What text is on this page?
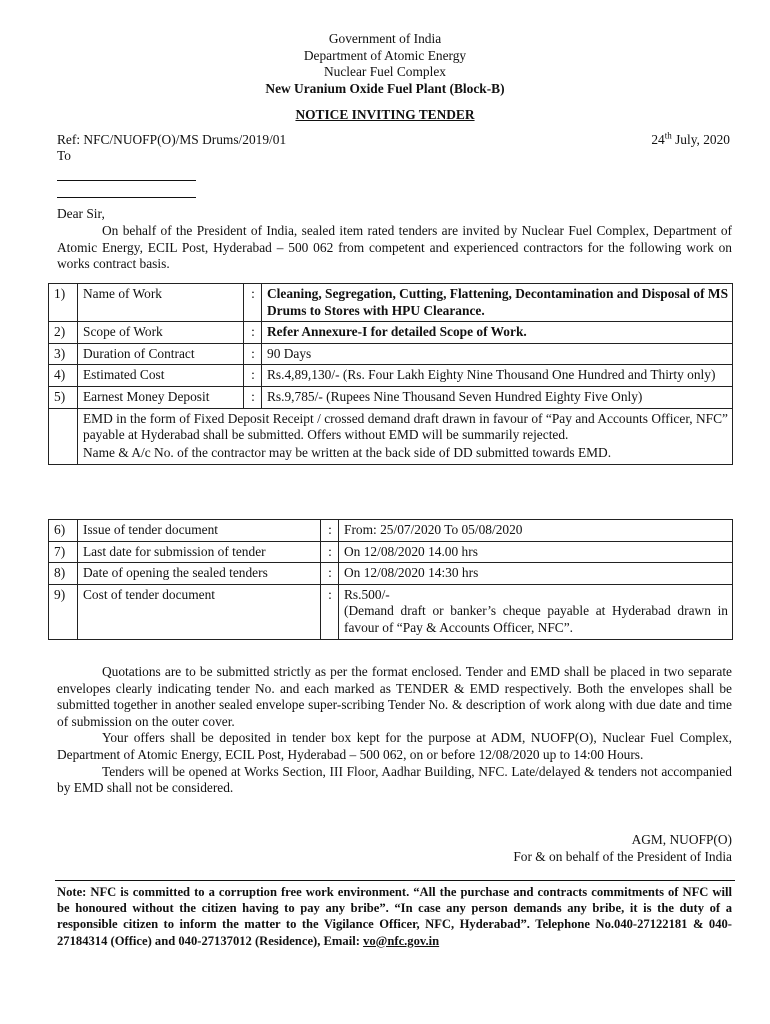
Government of India
Department of Atomic Energy
Nuclear Fuel Complex
New Uranium Oxide Fuel Plant (Block-B)
NOTICE INVITING TENDER
Ref: NFC/NUOFP(O)/MS Drums/2019/01	24th July, 2020
To
Dear Sir,
On behalf of the President of India, sealed item rated tenders are invited by Nuclear Fuel Complex, Department of Atomic Energy, ECIL Post, Hyderabad – 500 062 from competent and experienced contractors for the following work on works contract basis.
1)	Name of Work	:	Cleaning, Segregation, Cutting, Flattening, Decontamination and Disposal of MS Drums to Stores with HPU Clearance.
2)	Scope of Work	:	Refer Annexure-I for detailed Scope of Work.
3)	Duration of Contract	:	90 Days
4)	Estimated Cost	:	Rs.4,89,130/- (Rs. Four Lakh Eighty Nine Thousand One Hundred and Thirty only)
5)	Earnest Money Deposit	:	Rs.9,785/- (Rupees Nine Thousand Seven Hundred Eighty Five Only)

	EMD in the form of Fixed Deposit Receipt / crossed demand draft drawn in favour of “Pay and Accounts Officer, NFC” payable at Hyderabad shall be submitted. Offers without EMD will be summarily rejected.

Name & A/c No. of the contractor may be written at the back side of DD submitted towards EMD.		

6)	Issue of tender document	:	From: 25/07/2020 To 05/08/2020
7)	Last date for submission of tender	:	On 12/08/2020 14.00 hrs
8)	Date of opening the sealed tenders	:	On 12/08/2020 14:30 hrs
9)	Cost of tender document	:	Rs.500/-
(Demand draft or banker’s cheque payable at Hyderabad drawn in favour of “Pay & Accounts Officer, NFC”.

Quotations are to be submitted strictly as per the format enclosed. Tender and EMD shall be placed in two separate envelopes clearly indicating tender No. and each marked as TENDER & EMD respectively. Both the envelopes shall be submitted together in another sealed envelope super-scribing Tender No. & description of work along with due date and time of submission on the outer cover.

Your offers shall be deposited in tender box kept for the purpose at ADM, NUOFP(O), Nuclear Fuel Complex, Department of Atomic Energy, ECIL Post, Hyderabad – 500 062, on or before 12/08/2020 up to 14:00 Hours.

Tenders will be opened at Works Section, III Floor, Aadhar Building, NFC. Late/delayed & tenders not accompanied by EMD shall not be considered.

AGM, NUOFP(O)
For & on behalf of the President of India
Note: NFC is committed to a corruption free work environment. “All the purchase and contracts commitments of NFC will be honoured without the citizen having to pay any bribe”. “In case any person demands any bribe, it is the duty of a responsible citizen to inform the matter to the Vigilance Officer, NFC, Hyderabad”. Telephone No.040-27122181 & 040-27184314 (Office) and 040-27137012 (Residence), Email: vo@nfc.gov.in
